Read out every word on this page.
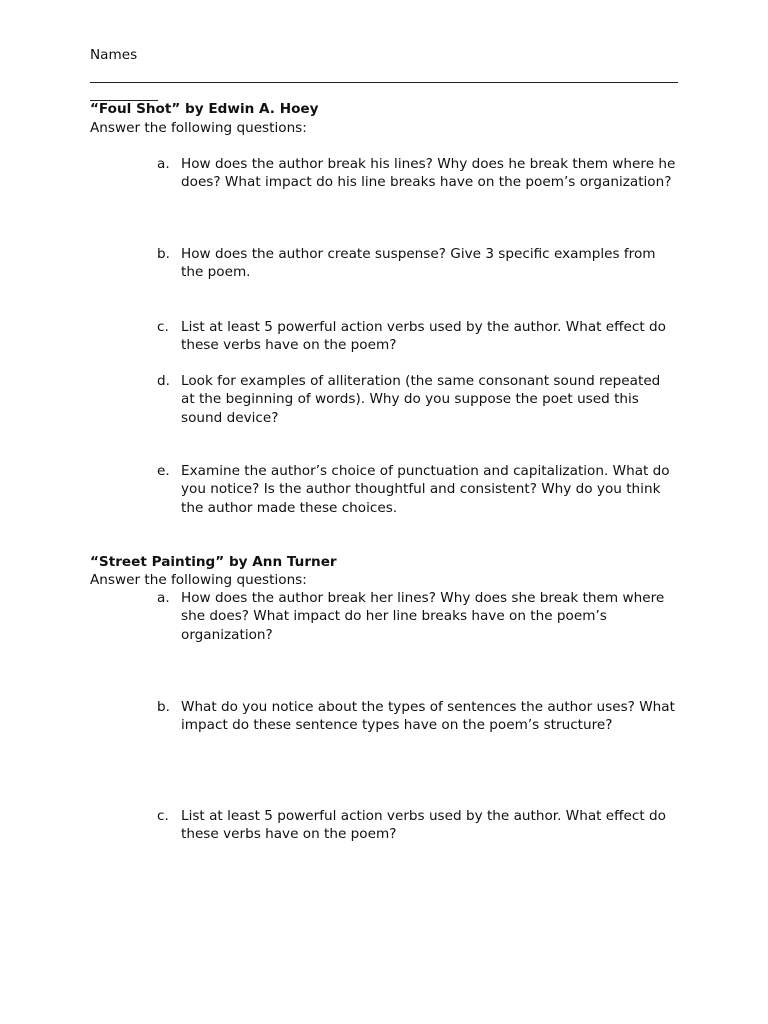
Names
“Foul Shot” by Edwin A. Hoey
Answer the following questions:
a. How does the author break his lines? Why does he break them where he does? What impact do his line breaks have on the poem’s organization?
b. How does the author create suspense? Give 3 specific examples from the poem.
c. List at least 5 powerful action verbs used by the author. What effect do these verbs have on the poem?
d. Look for examples of alliteration (the same consonant sound repeated at the beginning of words). Why do you suppose the poet used this sound device?
e. Examine the author’s choice of punctuation and capitalization. What do you notice? Is the author thoughtful and consistent? Why do you think the author made these choices.
“Street Painting” by Ann Turner
Answer the following questions:
a. How does the author break her lines? Why does she break them where she does? What impact do her line breaks have on the poem’s organization?
b. What do you notice about the types of sentences the author uses? What impact do these sentence types have on the poem’s structure?
c. List at least 5 powerful action verbs used by the author. What effect do these verbs have on the poem?
